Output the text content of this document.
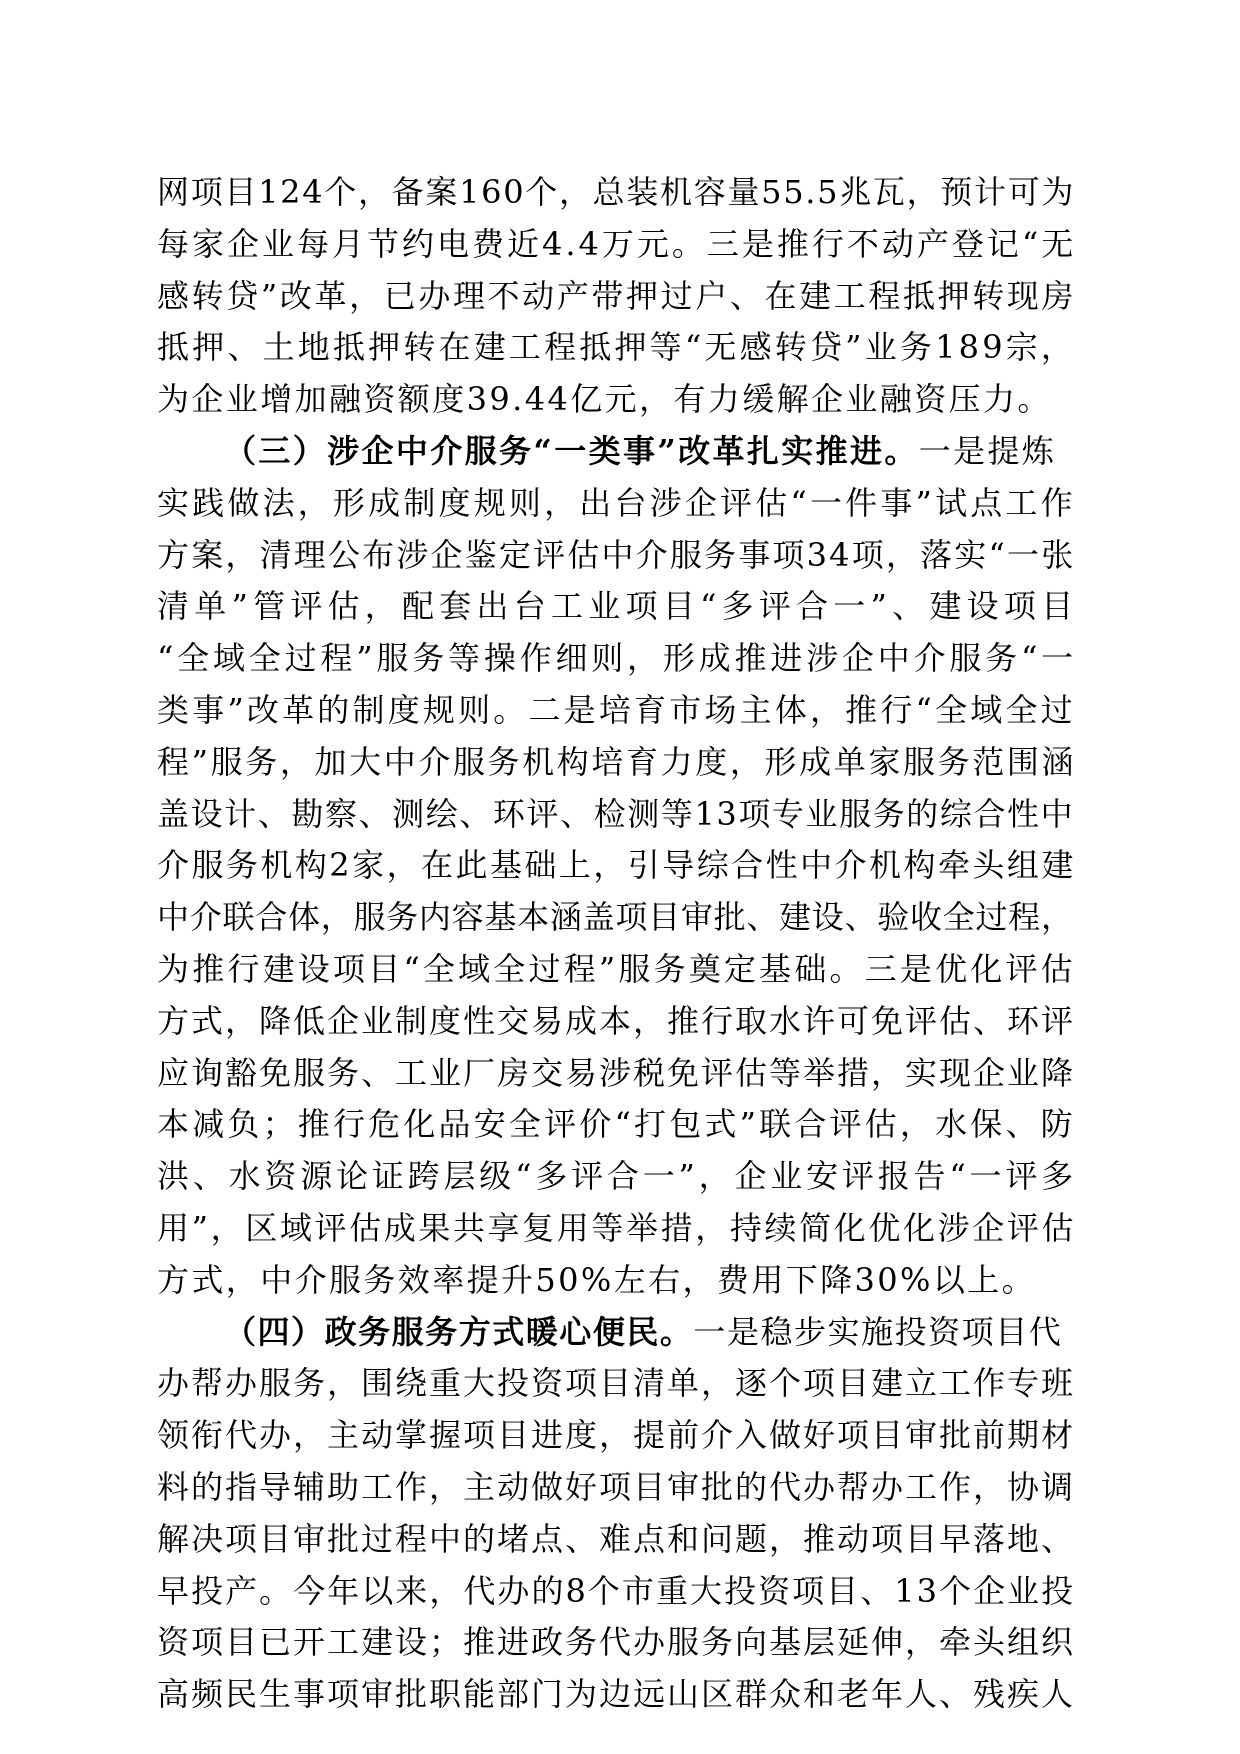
网项目124个，备案160个，总装机容量55.5兆瓦，预计可为
每家企业每月节约电费近4.4万元。三是推行不动产登记“无
感转贷”改革，已办理不动产带押过户、在建工程抵押转现房
抵押、土地抵押转在建工程抵押等“无感转贷”业务189宗，
为企业增加融资额度39.44亿元，有力缓解企业融资压力。
（三）涉企中介服务“一类事”改革扎实推进。一是提炼
实践做法，形成制度规则，出台涉企评估“一件事”试点工作
方案，清理公布涉企鉴定评估中介服务事项34项，落实“一张
清单”管评估，配套出台工业项目“多评合一”、建设项目
“全域全过程”服务等操作细则，形成推进涉企中介服务“一
类事”改革的制度规则。二是培育市场主体，推行“全域全过
程”服务，加大中介服务机构培育力度，形成单家服务范围涵
盖设计、勘察、测绘、环评、检测等13项专业服务的综合性中
介服务机构2家，在此基础上，引导综合性中介机构牵头组建
中介联合体，服务内容基本涵盖项目审批、建设、验收全过程，
为推行建设项目“全域全过程”服务奠定基础。三是优化评估
方式，降低企业制度性交易成本，推行取水许可免评估、环评
应询豁免服务、工业厂房交易涉税免评估等举措，实现企业降
本减负；推行危化品安全评价“打包式”联合评估，水保、防
洪、水资源论证跨层级“多评合一”，企业安评报告“一评多
用”，区域评估成果共享复用等举措，持续简化优化涉企评估
方式，中介服务效率提升50%左右，费用下降30%以上。
（四）政务服务方式暖心便民。一是稳步实施投资项目代
办帮办服务，围绕重大投资项目清单，逐个项目建立工作专班
领衔代办，主动掌握项目进度，提前介入做好项目审批前期材
料的指导辅助工作，主动做好项目审批的代办帮办工作，协调
解决项目审批过程中的堵点、难点和问题，推动项目早落地、
早投产。今年以来，代办的8个市重大投资项目、13个企业投
资项目已开工建设；推进政务代办服务向基层延伸，牵头组织
高频民生事项审批职能部门为边远山区群众和老年人、残疾人
